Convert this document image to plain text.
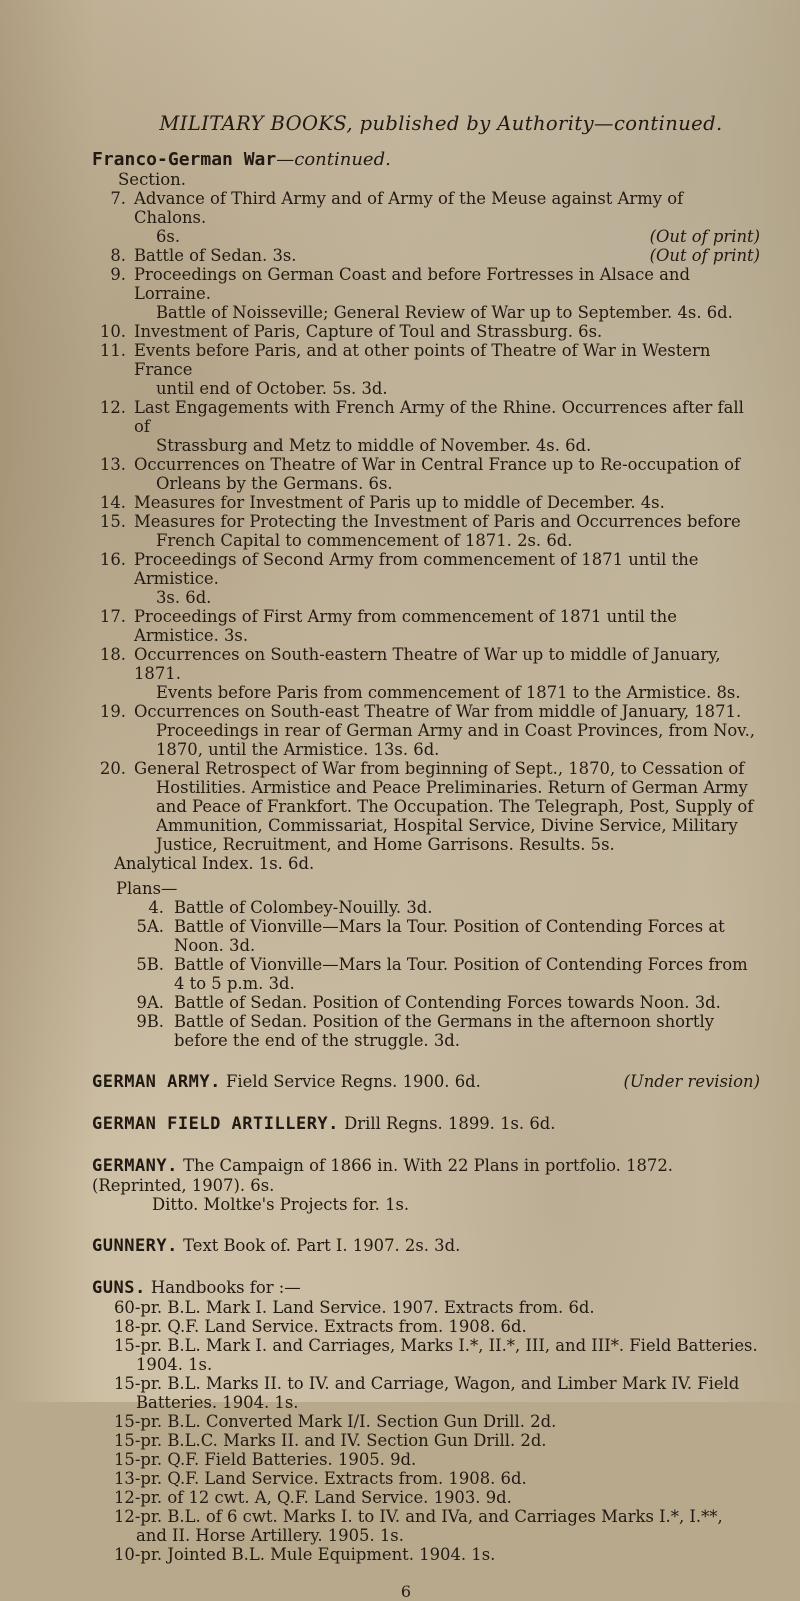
MILITARY BOOKS, published by Authority—continued.
Franco-German War—continued.
Section.
7. Advance of Third Army and of Army of the Meuse against Army of Chalons.
(Out of print)
6s.
8.	(Out of print)
Battle of Sedan. 3s.
9. Proceedings on German Coast and before Fortresses in Alsace and Lorraine.
Battle of Noisseville; General Review of War up to September. 4s. 6d.
10. Investment of Paris, Capture of Toul and Strassburg. 6s.
11. Events before Paris, and at other points of Theatre of War in Western France
until end of October. 5s. 3d.
12. Last Engagements with French Army of the Rhine. Occurrences after fall of
Strassburg and Metz to middle of November. 4s. 6d.
13. Occurrences on Theatre of War in Central France up to Re-occupation of
Orleans by the Germans. 6s.
14. Measures for Investment of Paris up to middle of December. 4s.
15. Measures for Protecting the Investment of Paris and Occurrences before
French Capital to commencement of 1871. 2s. 6d.
16. Proceedings of Second Army from commencement of 1871 until the Armistice.
3s. 6d.
17. Proceedings of First Army from commencement of 1871 until the Armistice. 3s.
18. Occurrences on South-eastern Theatre of War up to middle of January, 1871.
Events before Paris from commencement of 1871 to the Armistice. 8s.
19. Occurrences on South-east Theatre of War from middle of January, 1871.
Proceedings in rear of German Army and in Coast Provinces, from Nov., 1870, until the Armistice. 13s. 6d.
20. General Retrospect of War from beginning of Sept., 1870, to Cessation of
Hostilities. Armistice and Peace Preliminaries. Return of German Army and Peace of Frankfort. The Occupation. The Telegraph, Post, Supply of Ammunition, Commissariat, Hospital Service, Divine Service, Military Justice, Recruitment, and Home Garrisons. Results. 5s.
Analytical Index. 1s. 6d.
Plans—
4. Battle of Colombey-Nouilly. 3d.
5A. Battle of Vionville—Mars la Tour. Position of Contending Forces at Noon. 3d.
5B. Battle of Vionville—Mars la Tour. Position of Contending Forces from 4 to 5 p.m. 3d.
9A. Battle of Sedan. Position of Contending Forces towards Noon. 3d.
9B. Battle of Sedan. Position of the Germans in the afternoon shortly before the end of the struggle. 3d.
(Under revision)
GERMAN ARMY. Field Service Regns. 1900. 6d.
GERMAN FIELD ARTILLERY. Drill Regns. 1899. 1s. 6d.
GERMANY. The Campaign of 1866 in. With 22 Plans in portfolio. 1872. (Reprinted, 1907). 6s.
Ditto. Moltke's Projects for. 1s.
GUNNERY. Text Book of. Part I. 1907. 2s. 3d.
GUNS. Handbooks for :—
60-pr. B.L. Mark I. Land Service. 1907. Extracts from. 6d.
18-pr. Q.F. Land Service. Extracts from. 1908. 6d.
15-pr. B.L. Mark I. and Carriages, Marks I.*, II.*, III, and III*. Field Batteries.
1904. 1s.
15-pr. B.L. Marks II. to IV. and Carriage, Wagon, and Limber Mark IV. Field
Batteries. 1904. 1s.
15-pr. B.L. Converted Mark I/I. Section Gun Drill. 2d.
15-pr. B.L.C. Marks II. and IV. Section Gun Drill. 2d.
15-pr. Q.F. Field Batteries. 1905. 9d.
13-pr. Q.F. Land Service. Extracts from. 1908. 6d.
12-pr. of 12 cwt. A, Q.F. Land Service. 1903. 9d.
12-pr. B.L. of 6 cwt. Marks I. to IV. and IVa, and Carriages Marks I.*, I.**,
and II. Horse Artillery. 1905. 1s.
10-pr. Jointed B.L. Mule Equipment. 1904. 1s.
6
